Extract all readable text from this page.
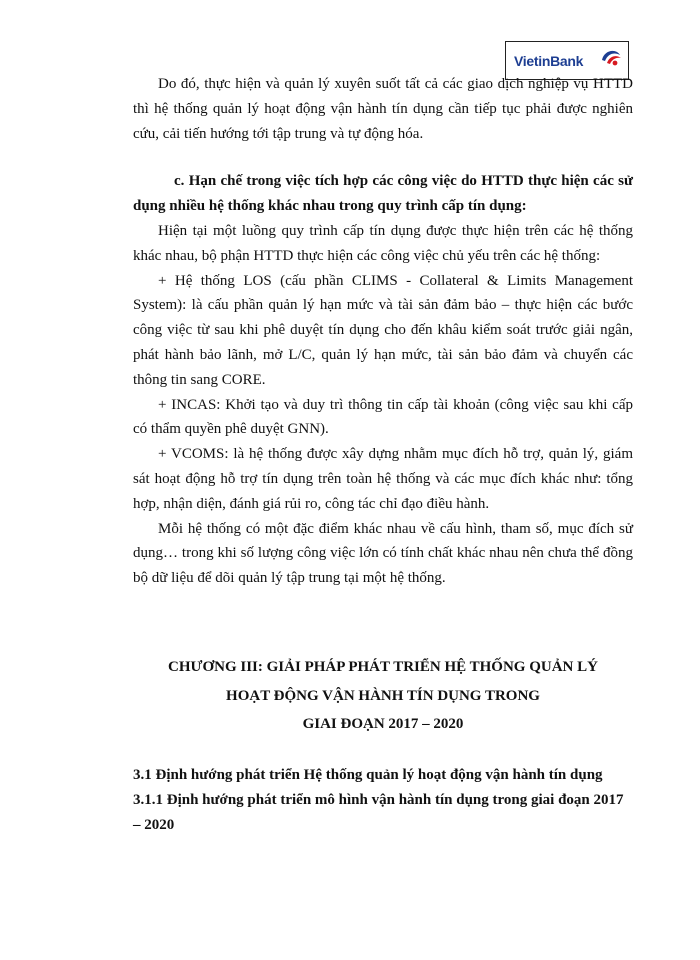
VietinBank

Do đó, thực hiện và quản lý xuyên suốt tất cả các giao dịch nghiệp vụ HTTD thì hệ thống quản lý hoạt động vận hành tín dụng cần tiếp tục phải được nghiên cứu, cải tiến hướng tới tập trung và tự động hóa.

c. Hạn chế trong việc tích hợp các công việc do HTTD thực hiện các sử dụng nhiều hệ thống khác nhau trong quy trình cấp tín dụng:

Hiện tại một luồng quy trình cấp tín dụng được thực hiện trên các hệ thống khác nhau, bộ phận HTTD thực hiện các công việc chủ yếu trên các hệ thống:

+ Hệ thống LOS (cấu phần CLIMS - Collateral & Limits Management System): là cấu phần quản lý hạn mức và tài sản đảm bảo – thực hiện các bước công việc từ sau khi phê duyệt tín dụng cho đến khâu kiểm soát trước giải ngân, phát hành bảo lãnh, mở L/C, quản lý hạn mức, tài sản bảo đảm và chuyển các thông tin sang CORE.

+ INCAS: Khởi tạo và duy trì thông tin cấp tài khoản (công việc sau khi cấp có thẩm quyền phê duyệt GNN).

+ VCOMS: là hệ thống được xây dựng nhằm mục đích hỗ trợ, quản lý, giám sát hoạt động hỗ trợ tín dụng trên toàn hệ thống và các mục đích khác như: tổng hợp, nhận diện, đánh giá rủi ro, công tác chỉ đạo điều hành.

Mỗi hệ thống có một đặc điểm khác nhau về cấu hình, tham số, mục đích sử dụng… trong khi số lượng công việc lớn có tính chất khác nhau nên chưa thể đồng bộ dữ liệu để dõi quản lý tập trung tại một hệ thống.

CHƯƠNG III: GIẢI PHÁP PHÁT TRIỂN HỆ THỐNG QUẢN LÝ
HOẠT ĐỘNG VẬN HÀNH TÍN DỤNG TRONG
GIAI ĐOẠN 2017 – 2020

3.1 Định hướng phát triển Hệ thống quản lý hoạt động vận hành tín dụng

3.1.1 Định hướng phát triển mô hình vận hành tín dụng trong giai đoạn 2017 – 2020
